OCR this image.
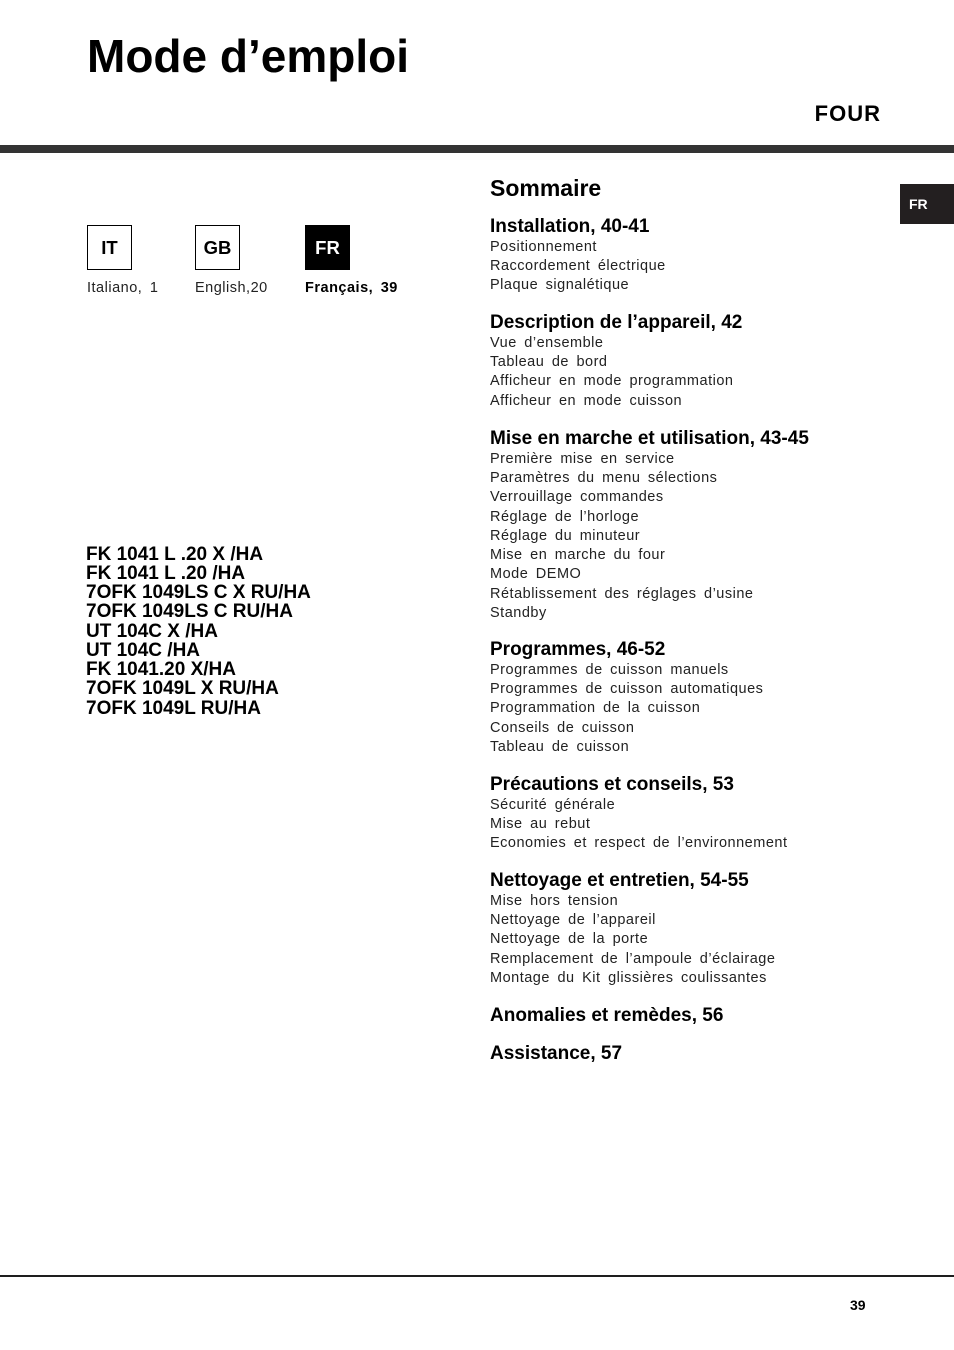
Mode d’emploi
FOUR
FR
IT	GB	FR
Italiano, 1	English,20	Français, 39
FK 1041 L .20 X /HA
FK 1041 L .20 /HA
7OFK 1049LS C X RU/HA
7OFK 1049LS C RU/HA
UT 104C X /HA
UT 104C /HA
FK 1041.20 X/HA
7OFK 1049L X RU/HA
7OFK 1049L RU/HA
Sommaire
Installation, 40-41
Positionnement
Raccordement électrique
Plaque signalétique
Description de l’appareil, 42
Vue d’ensemble
Tableau de bord
Afficheur en mode programmation
Afficheur en mode cuisson
Mise en marche et utilisation, 43-45
Première mise en service
Paramètres du menu sélections
Verrouillage commandes
Réglage de l’horloge
Réglage du minuteur
Mise en marche du four
Mode DEMO
Rétablissement des réglages d’usine
Standby
Programmes, 46-52
Programmes de cuisson manuels
Programmes de cuisson automatiques
Programmation de la cuisson
Conseils de cuisson
Tableau de cuisson
Précautions et conseils, 53
Sécurité générale
Mise au rebut
Economies et respect de l’environnement
Nettoyage et entretien, 54-55
Mise hors tension
Nettoyage de l’appareil
Nettoyage de la porte
Remplacement de l’ampoule d’éclairage
Montage du Kit glissières coulissantes
Anomalies et remèdes, 56
Assistance, 57
39
